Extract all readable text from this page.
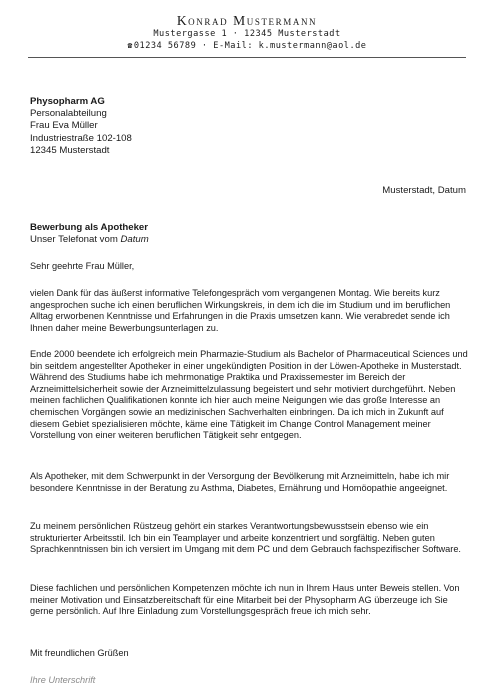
Konrad Mustermann
Mustergasse 1 · 12345 Musterstadt
☎01234 56789 · E-Mail: k.mustermann@aol.de
Physopharm AG
Personalabteilung
Frau Eva Müller
Industriestraße 102-108
12345 Musterstadt
Musterstadt, Datum
Bewerbung als Apotheker
Unser Telefonat vom Datum

Sehr geehrte Frau Müller,

vielen Dank für das äußerst informative Telefongespräch vom vergangenen Montag. Wie bereits kurz angesprochen suche ich einen beruflichen Wirkungskreis, in dem ich die im Studium und im beruflichen Alltag erworbenen Kenntnisse und Erfahrungen in die Praxis umsetzen kann. Wie verabredet sende ich Ihnen daher meine Bewerbungsunterlagen zu.

Ende 2000 beendete ich erfolgreich mein Pharmazie-Studium als Bachelor of Pharmaceutical Sciences und bin seitdem angestellter Apotheker in einer ungekündigten Position in der Löwen-Apotheke in Musterstadt. Während des Studiums habe ich mehrmonatige Praktika und Praxissemester im Bereich der Arzneimittelsicherheit sowie der Arzneimittelzulassung begeistert und sehr motiviert durchgeführt. Neben meinen fachlichen Qualifikationen konnte ich hier auch meine Neigungen wie das große Interesse an chemischen Vorgängen sowie an medizinischen Sachverhalten einbringen. Da ich mich in Zukunft auf diesem Gebiet spezialisieren möchte, käme eine Tätigkeit im Change Control Management meiner Vorstellung von einer weiteren beruflichen Tätigkeit sehr entgegen.

Als Apotheker, mit dem Schwerpunkt in der Versorgung der Bevölkerung mit Arzneimitteln, habe ich mir besondere Kenntnisse in der Beratung zu Asthma, Diabetes, Ernährung und Homöopathie angeeignet.

Zu meinem persönlichen Rüstzeug gehört ein starkes Verantwortungsbewusstsein ebenso wie ein strukturierter Arbeitsstil. Ich bin ein Teamplayer und arbeite konzentriert und sorgfältig. Neben guten Sprachkenntnissen bin ich versiert im Umgang mit dem PC und dem Gebrauch fachspezifischer Software.

Diese fachlichen und persönlichen Kompetenzen möchte ich nun in Ihrem Haus unter Beweis stellen. Von meiner Motivation und Einsatzbereitschaft für eine Mitarbeit bei der Physopharm AG überzeuge ich Sie gerne persönlich. Auf Ihre Einladung zum Vorstellungsgespräch freue ich mich sehr.

Mit freundlichen Grüßen

Ihre Unterschrift
